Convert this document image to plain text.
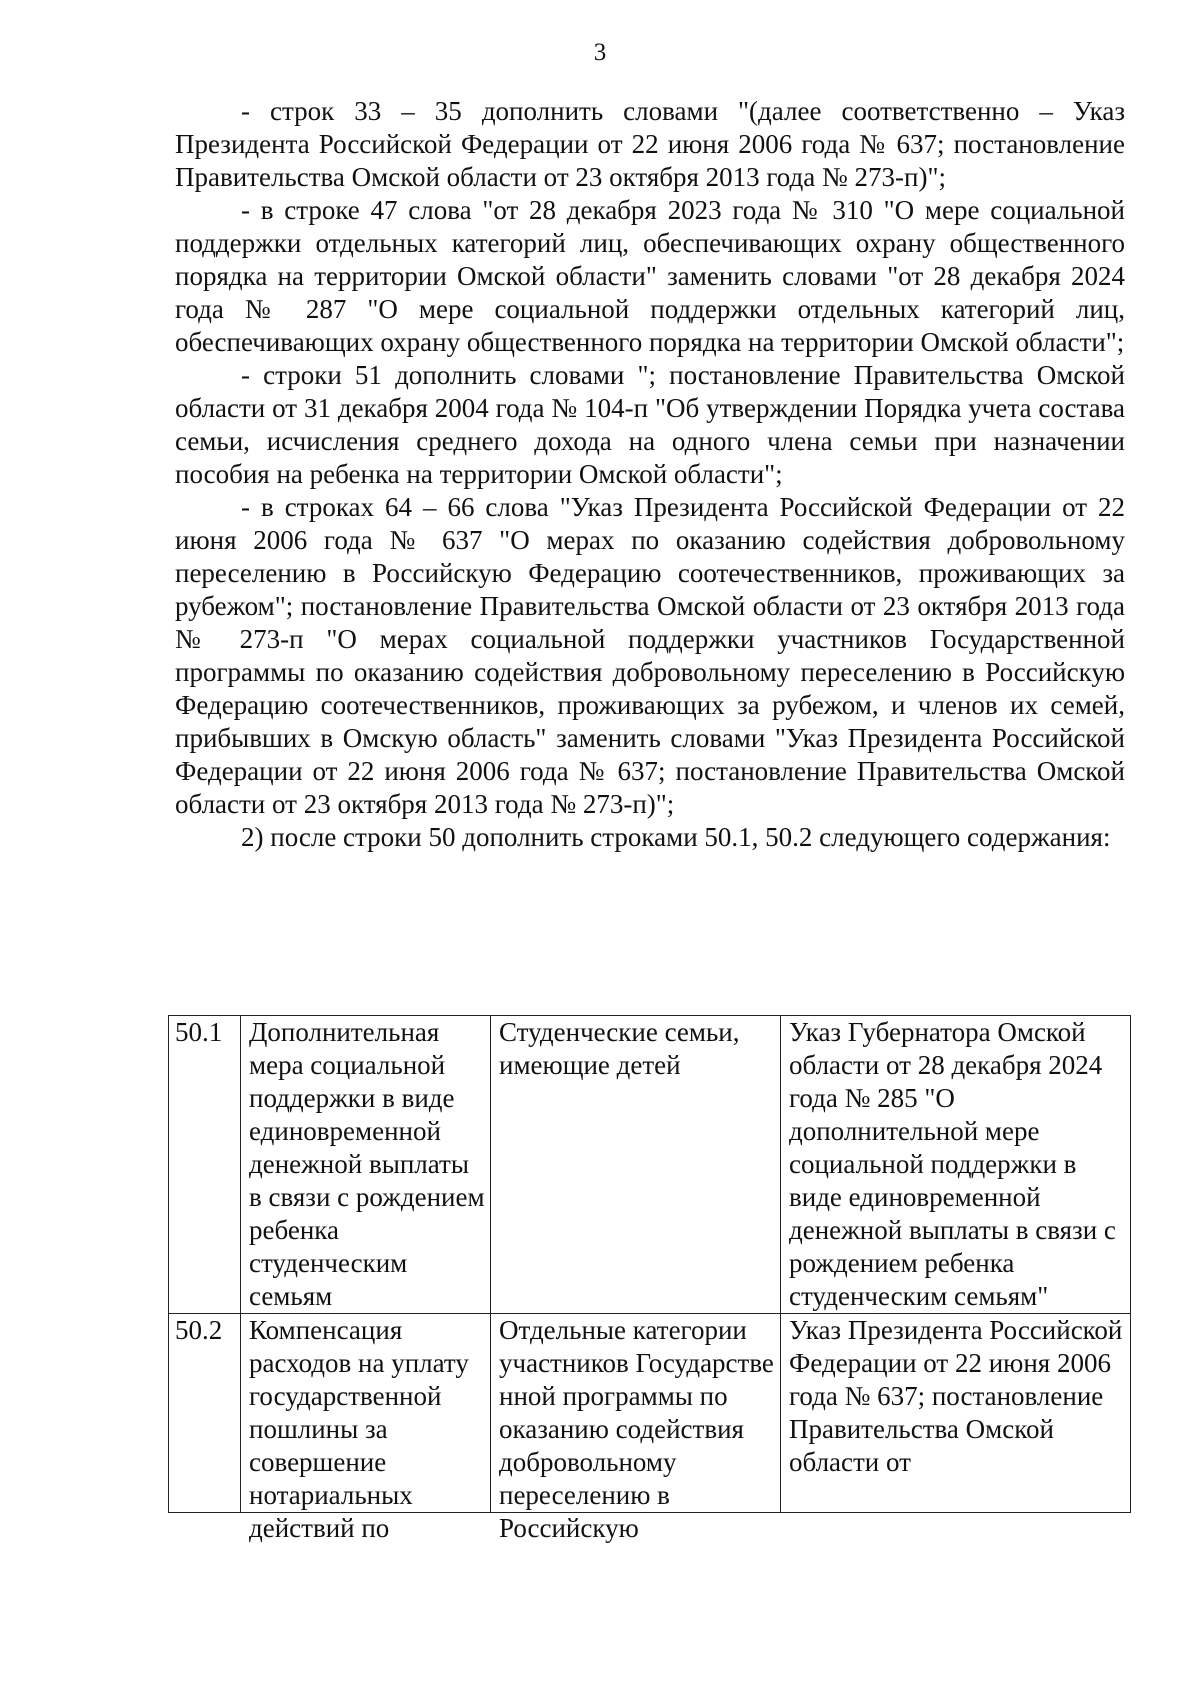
3

- строк 33 – 35 дополнить словами "(далее соответственно – Указ Президента Российской Федерации от 22 июня 2006 года № 637; постановление Правительства Омской области от 23 октября 2013 года № 273-п)";

- в строке 47 слова "от 28 декабря 2023 года № 310 "О мере социальной поддержки отдельных категорий лиц, обеспечивающих охрану общественного порядка на территории Омской области" заменить словами "от 28 декабря 2024 года № 287 "О мере социальной поддержки отдельных категорий лиц, обеспечивающих охрану общественного порядка на территории Омской области";

- строки 51 дополнить словами "; постановление Правительства Омской области от 31 декабря 2004 года № 104-п "Об утверждении Порядка учета состава семьи, исчисления среднего дохода на одного члена семьи при назначении пособия на ребенка на территории Омской области";

- в строках 64 – 66 слова "Указ Президента Российской Федерации от 22 июня 2006 года № 637 "О мерах по оказанию содействия добровольному переселению в Российскую Федерацию соотечественников, проживающих за рубежом"; постановление Правительства Омской области от 23 октября 2013 года № 273-п "О мерах социальной поддержки участников Государственной программы по оказанию содействия добровольному переселению в Российскую Федерацию соотечественников, проживающих за рубежом, и членов их семей, прибывших в Омскую область" заменить словами "Указ Президента Российской Федерации от 22 июня 2006 года № 637; постановление Правительства Омской области от 23 октября 2013 года № 273-п)";

2) после строки 50 дополнить строками 50.1, 50.2 следующего содержания:

50.1	Дополнительная мера социальной поддержки в виде единовременной денежной выплаты в связи с рождением ребенка студенческим семьям	Студенческие семьи, имеющие детей	Указ Губернатора Омской области от 28 декабря 2024 года № 285 "О дополнительной мере социальной поддержки в виде единовременной денежной выплаты в связи с рождением ребенка студенческим семьям"

50.2	Компенсация расходов на уплату государственной пошлины за совершение нотариальных действий по	Отдельные категории участников Государстве нной программы по оказанию содействия добровольному переселению в Российскую	Указ Президента Российской Федерации от 22 июня 2006 года № 637; постановление Правительства Омской области от
